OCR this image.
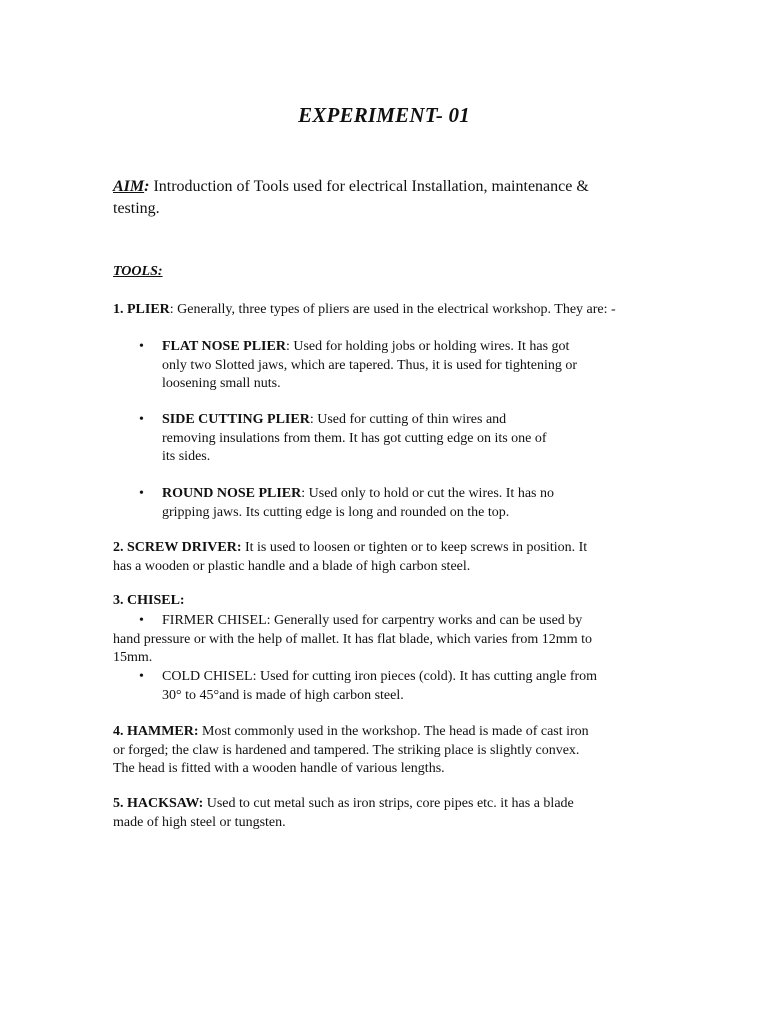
EXPERIMENT- 01
AIM: Introduction of Tools used for electrical Installation, maintenance &
testing.
TOOLS:
1. PLIER: Generally, three types of pliers are used in the electrical workshop. They are: -
•	FLAT NOSE PLIER: Used for holding jobs or holding wires. It has got
only two Slotted jaws, which are tapered. Thus, it is used for tightening or
loosening small nuts.
•	SIDE CUTTING PLIER: Used for cutting of thin wires and
removing insulations from them. It has got cutting edge on its one of
its sides.
•	ROUND NOSE PLIER: Used only to hold or cut the wires. It has no
gripping jaws. Its cutting edge is long and rounded on the top.
2. SCREW DRIVER: It is used to loosen or tighten or to keep screws in position. It
has a wooden or plastic handle and a blade of high carbon steel.
3. CHISEL:
•	FIRMER CHISEL: Generally used for carpentry works and can be used by
hand pressure or with the help of mallet. It has flat blade, which varies from 12mm to
15mm.
• COLD CHISEL: Used for cutting iron pieces (cold). It has cutting angle from
30° to 45°and is made of high carbon steel.
4. HAMMER: Most commonly used in the workshop. The head is made of cast iron
or forged; the claw is hardened and tampered. The striking place is slightly convex.
The head is fitted with a wooden handle of various lengths.
5. HACKSAW: Used to cut metal such as iron strips, core pipes etc. it has a blade
made of high steel or tungsten.
